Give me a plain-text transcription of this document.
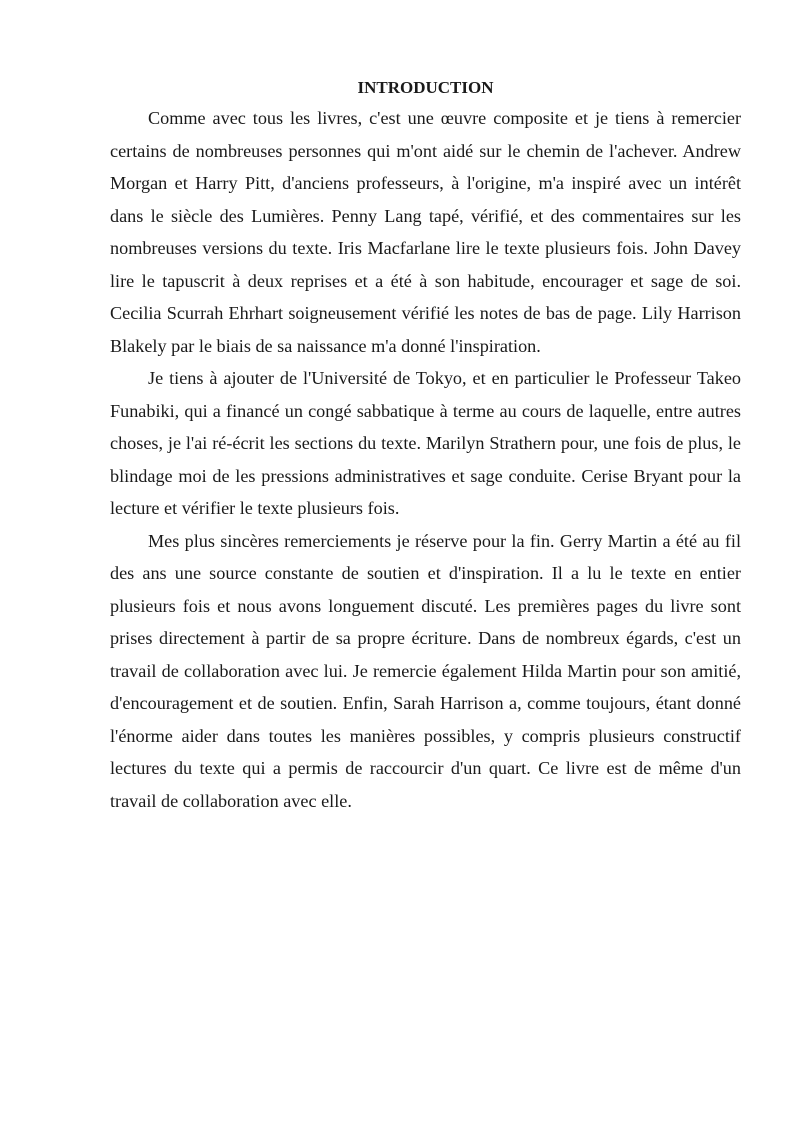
INTRODUCTION

Comme avec tous les livres, c'est une œuvre composite et je tiens à remercier certains de nombreuses personnes qui m'ont aidé sur le chemin de l'achever. Andrew Morgan et Harry Pitt, d'anciens professeurs, à l'origine, m'a inspiré avec un intérêt dans le siècle des Lumières. Penny Lang tapé, vérifié, et des commentaires sur les nombreuses versions du texte. Iris Macfarlane lire le texte plusieurs fois. John Davey lire le tapuscrit à deux reprises et a été à son habitude, encourager et sage de soi. Cecilia Scurrah Ehrhart soigneusement vérifié les notes de bas de page. Lily Harrison Blakely par le biais de sa naissance m'a donné l'inspiration.

Je tiens à ajouter de l'Université de Tokyo, et en particulier le Professeur Takeo Funabiki, qui a financé un congé sabbatique à terme au cours de laquelle, entre autres choses, je l'ai ré-écrit les sections du texte. Marilyn Strathern pour, une fois de plus, le blindage moi de les pressions administratives et sage conduite. Cerise Bryant pour la lecture et vérifier le texte plusieurs fois.

Mes plus sincères remerciements je réserve pour la fin. Gerry Martin a été au fil des ans une source constante de soutien et d'inspiration. Il a lu le texte en entier plusieurs fois et nous avons longuement discuté. Les premières pages du livre sont prises directement à partir de sa propre écriture. Dans de nombreux égards, c'est un travail de collaboration avec lui. Je remercie également Hilda Martin pour son amitié, d'encouragement et de soutien. Enfin, Sarah Harrison a, comme toujours, étant donné l'énorme aider dans toutes les manières possibles, y compris plusieurs constructif lectures du texte qui a permis de raccourcir d'un quart. Ce livre est de même d'un travail de collaboration avec elle.
